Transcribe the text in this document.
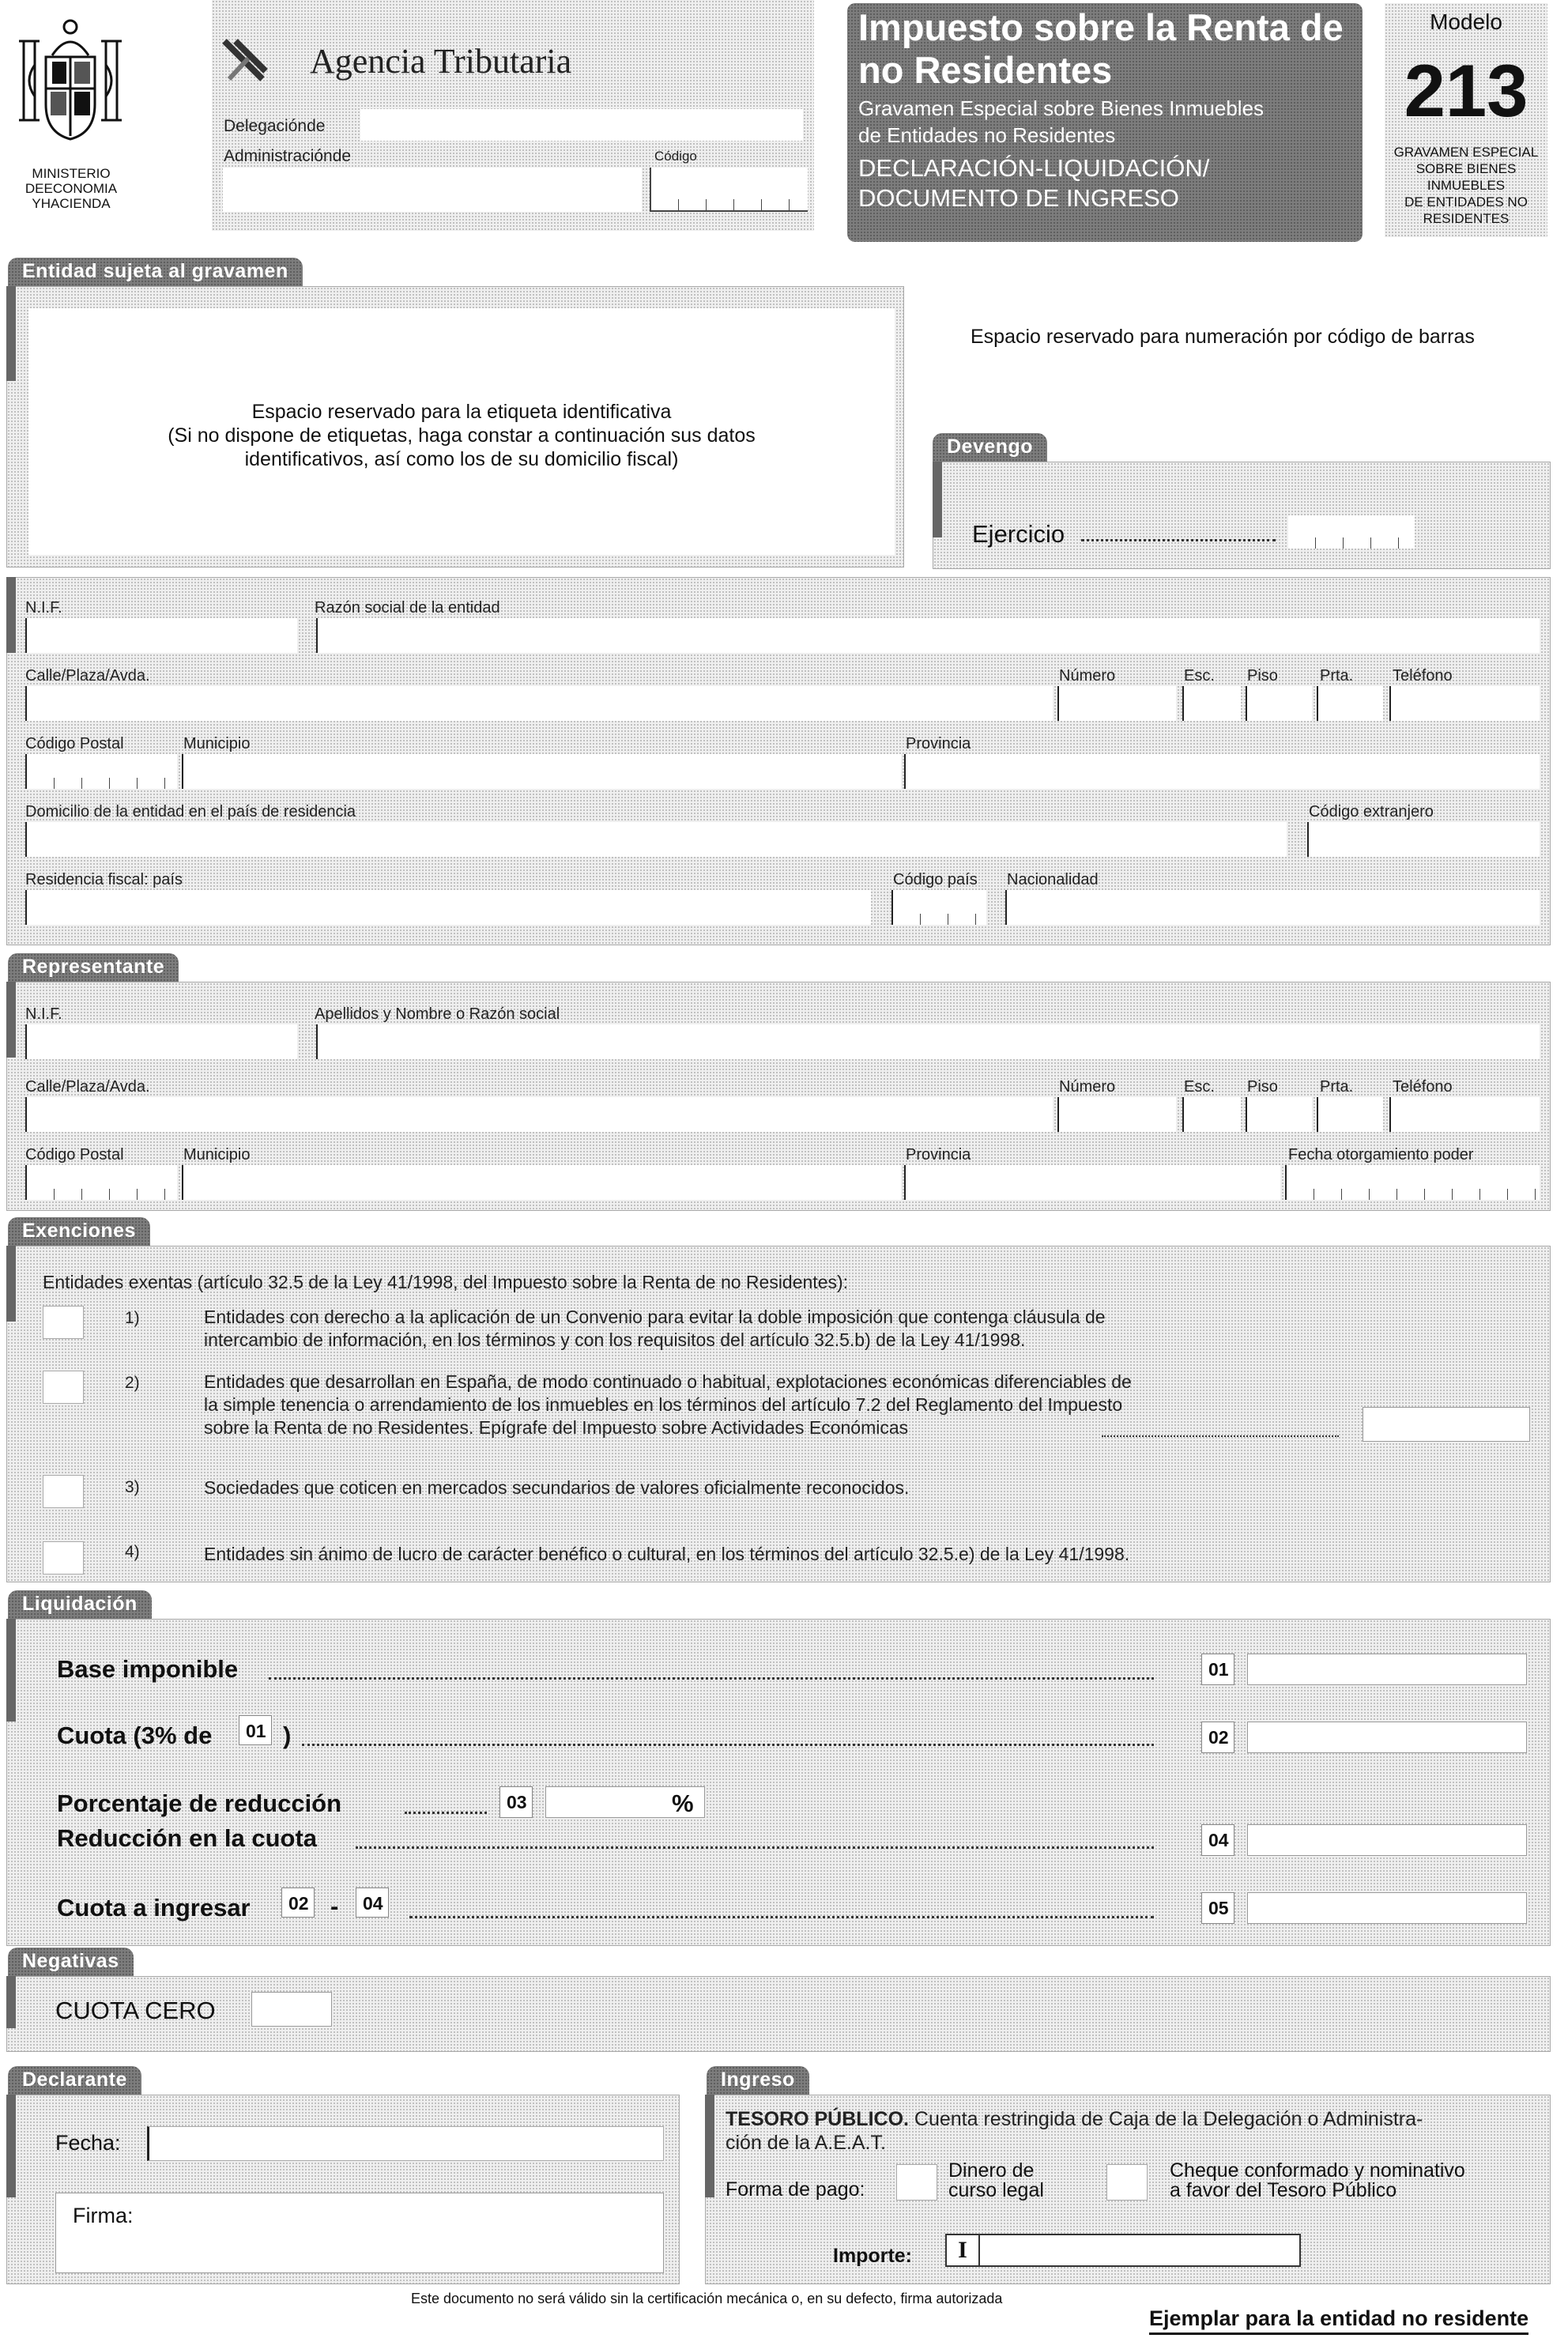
MINISTERIO
DEECONOMIA
YHACIENDA
Agencia Tributaria
Delegaciónde
Administraciónde	Código
Impuesto sobre la Renta de
no Residentes
Gravamen Especial sobre Bienes Inmuebles
de Entidades no Residentes
DECLARACIÓN-LIQUIDACIÓN/
DOCUMENTO DE INGRESO
Modelo
213
GRAVAMEN ESPECIAL
SOBRE BIENES
INMUEBLES
DE ENTIDADES NO
RESIDENTES
Entidad sujeta al gravamen
Espacio reservado para la etiqueta identificativa
(Si no dispone de etiquetas, haga constar a continuación sus datos
identificativos, así como los de su domicilio fiscal)
Espacio reservado para numeración por código de barras
Devengo
Ejercicio
N.I.F.	Razón social de la entidad
Calle/Plaza/Avda.	Número	Esc. Piso	Prta. Teléfono
Código Postal	Municipio	Provincia
Domicilio de la entidad en el país de residencia	Código extranjero
Residencia fiscal: país	Código país Nacionalidad
Representante
N.I.F.	Apellidos y Nombre o Razón social
Calle/Plaza/Avda.	Número	Esc. Piso	Prta. Teléfono
Código Postal	Municipio	Provincia	Fecha otorgamiento poder
Exenciones
Entidades exentas (artículo 32.5 de la Ley 41/1998, del Impuesto sobre la Renta de no Residentes):
1)	Entidades con derecho a la aplicación de un Convenio para evitar la doble imposición que contenga cláusula de
intercambio de información, en los términos y con los requisitos del artículo 32.5.b) de la Ley 41/1998.
2)	Entidades que desarrollan en España, de modo continuado o habitual, explotaciones económicas diferenciables de
la simple tenencia o arrendamiento de los inmuebles en los términos del artículo 7.2 del Reglamento del Impuesto
sobre la Renta de no Residentes. Epígrafe del Impuesto sobre Actividades Económicas
3)	Sociedades que coticen en mercados secundarios de valores oficialmente reconocidos.
4)	Entidades sin ánimo de lucro de carácter benéfico o cultural, en los términos del artículo 32.5.e) de la Ley 41/1998.
Liquidación
Base imponible	01
Cuota (3% de	01 )	02
Porcentaje de reducción	03	%
Reducción en la cuota	04
Cuota a ingresar	02 -	04	05
Negativas
CUOTA CERO
Declarante
Fecha:
Firma:
Ingreso
TESORO PÚBLICO. Cuenta restringida de Caja de la Delegación o Administra-
ción de la A.E.A.T.
Forma de pago:
Dinero de
curso legal
Cheque conformado y nominativo
a favor del Tesoro Público
Importe:	I
Este documento no será válido sin la certificación mecánica o, en su defecto, firma autorizada
Ejemplar para la entidad no residente
